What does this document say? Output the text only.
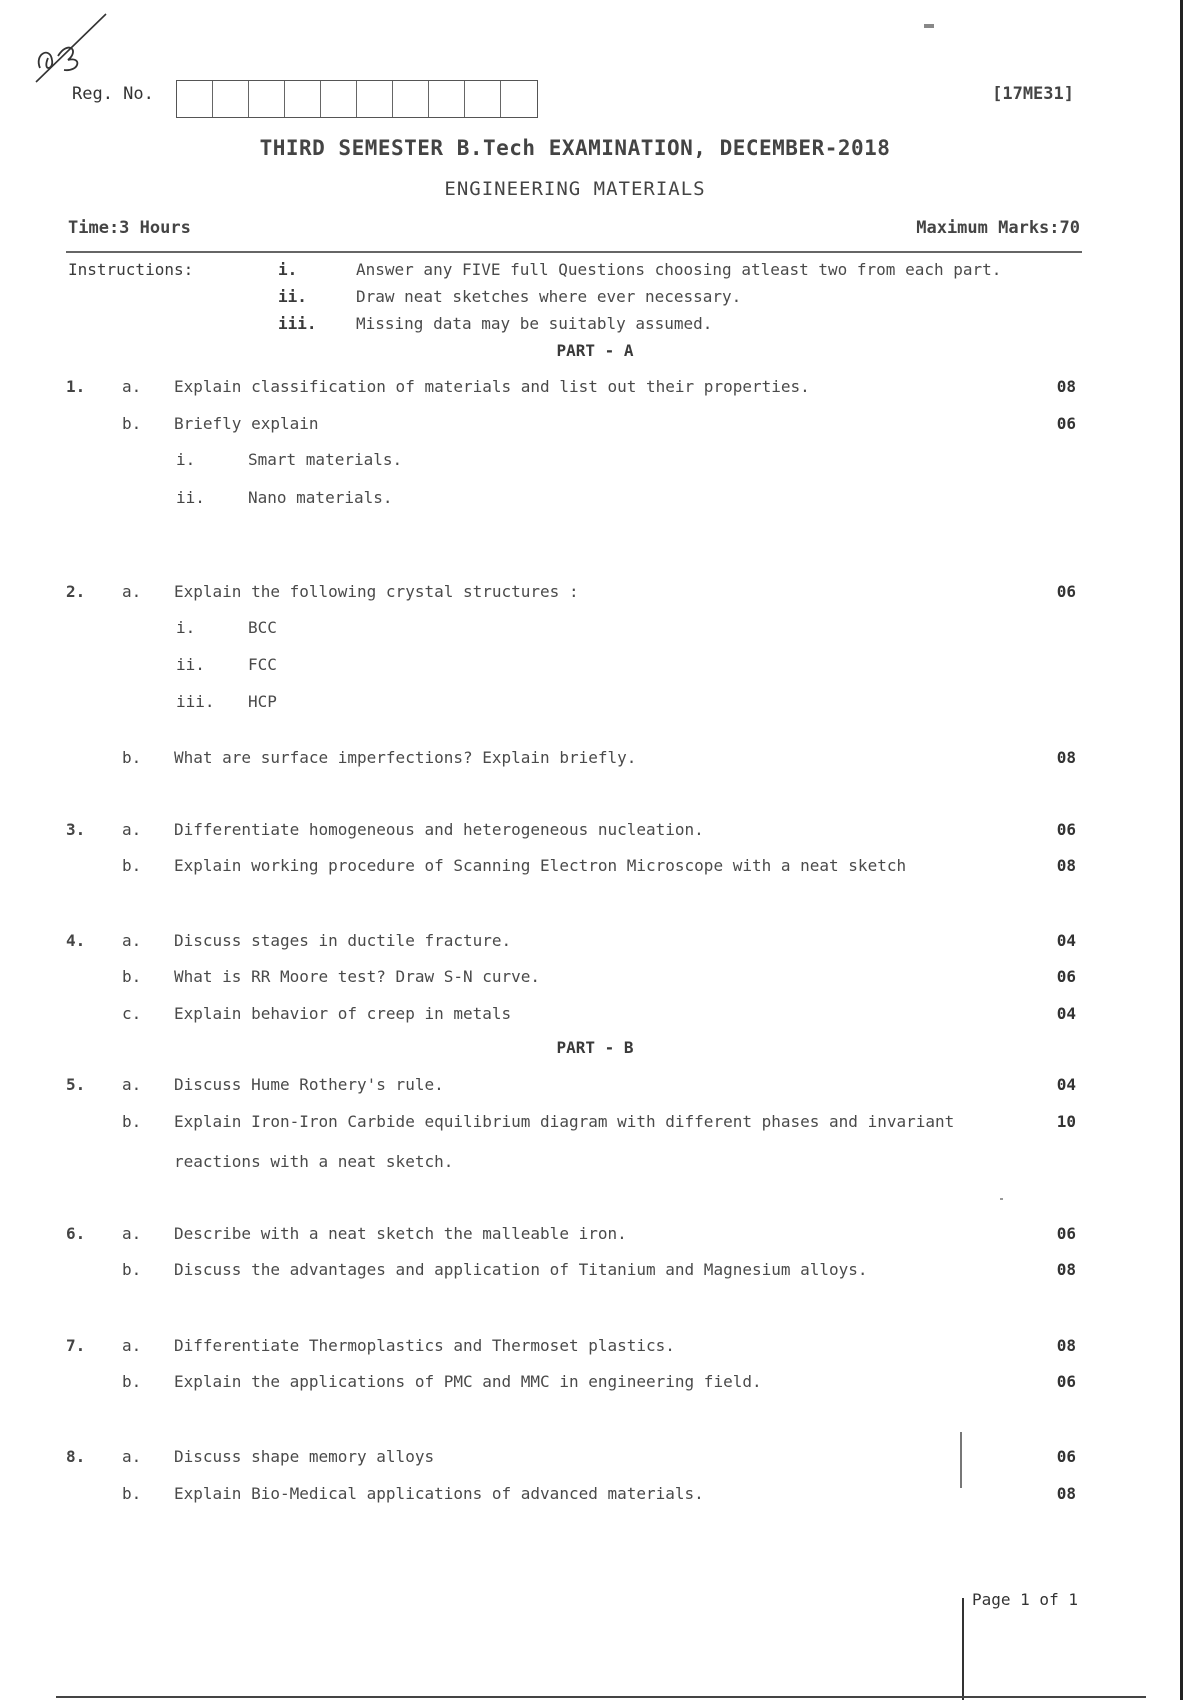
Reg. No.	[17ME31]
THIRD SEMESTER B.Tech EXAMINATION, DECEMBER-2018
ENGINEERING MATERIALS
Time:3 Hours	Maximum Marks:70
Instructions:	i.	Answer any FIVE full Questions choosing atleast two from each part.
ii.	Draw neat sketches where ever necessary.
iii. Missing data may be suitably assumed.
PART - A
1. a. Explain classification of materials and list out their properties.	08
b. Briefly explain	06
i.	Smart materials.
ii.	Nano materials.
2. a. Explain the following crystal structures :	06
i.	BCC
ii.	FCC
iii. HCP
b. What are surface imperfections? Explain briefly.	08
3. a. Differentiate homogeneous and heterogeneous nucleation.	06
b. Explain working procedure of Scanning Electron Microscope with a neat sketch	08
4. a. Discuss stages in ductile fracture.	04
b. What is RR Moore test? Draw S-N curve.	06
c. Explain behavior of creep in metals	04
PART - B
5. a. Discuss Hume Rothery's rule.	04
b. Explain Iron-Iron Carbide equilibrium diagram with different phases and invariant	10
reactions with a neat sketch.
6. a. Describe with a neat sketch the malleable iron.	06
b. Discuss the advantages and application of Titanium and Magnesium alloys.	08
7. a. Differentiate Thermoplastics and Thermoset plastics.	08
b. Explain the applications of PMC and MMC in engineering field.	06
8. a. Discuss shape memory alloys	06
b. Explain Bio-Medical applications of advanced materials.	08
Page 1 of 1
